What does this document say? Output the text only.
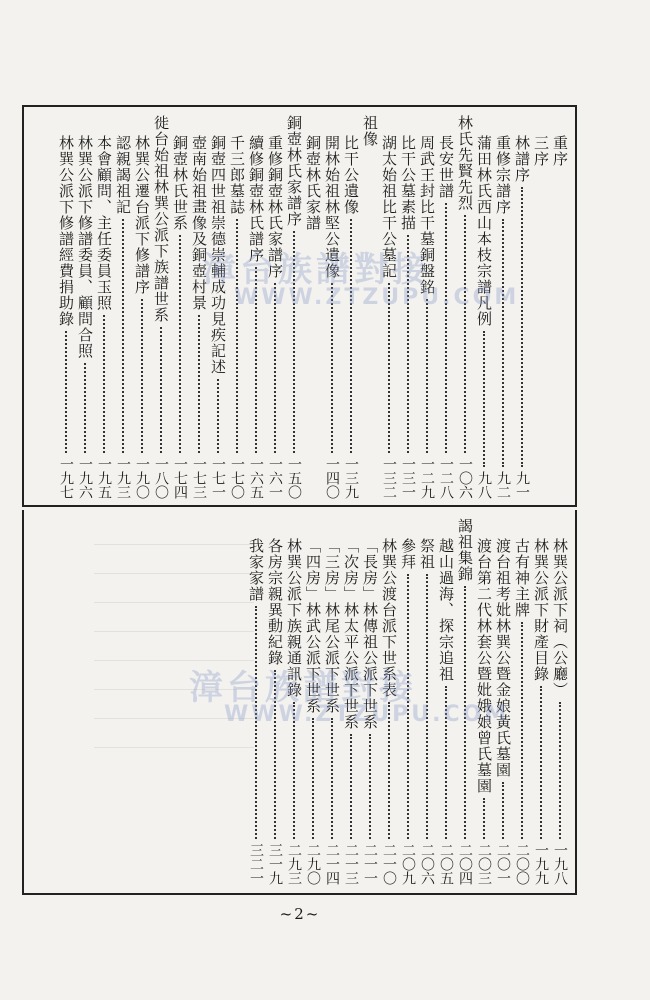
重序
三序
林譜序
九一
重修宗譜序
九二
蒲田林氏西山本枝宗譜凡例
九八
林氏先賢先烈
一〇六
長安世譜
一二八
周武王封比干墓銅盤銘
一二九
比干公墓素描
一三一
湖太始祖比干公墓記
一三二
祖像
比干公遺像
一三九
開林始祖林堅公遺像
一四〇
銅壺林氏家譜
銅壺林氏家譜序
一五〇
重修銅壺林氏家譜序
一六一
續修銅壺林氏譜序
一六五
千三郎墓誌
一七〇
銅壺四世祖崇德崇輔成功見疾記述
一七一
壺南始祖畫像及銅壺村景
一七三
銅壺林氏世系
一七四
徙台始祖林巽公派下族譜世系
一八〇
林巽公遷台派下修譜序
一九〇
認親謁祖記
一九三
本會顧問、主任委員玉照
一九五
林巽公派下修譜委員、顧問合照
一九六
林巽公派下修譜經費捐助錄
一九七
漳台族譜對接
WWW.ZTZUPU.COM
林巽公派下祠（公廳）
一九八
林巽公派下財產目錄
一九九
古有神主牌
二〇〇
渡台祖考妣林巽公暨金娘黃氏墓園
二〇一
渡台第二代林套公暨妣娥娘曾氏墓園
二〇三
謁祖集錦
二〇四
越山過海、探宗追祖
二〇五
祭祖
二〇六
參拜
二〇九
林巽公渡台派下世系表
二一〇
「長房」林傳祖公派下世系
二一一
「次房」林太平公派下世系
二一三
「三房」林尾公派下世系
二一四
「四房」林武公派下世系
二九〇
林巽公派下族親通訊錄
二九三
各房宗親異動紀錄
三一九
我家家譜
三二一
漳台族譜對接
WWW.ZTZUPU.COM
~2~
